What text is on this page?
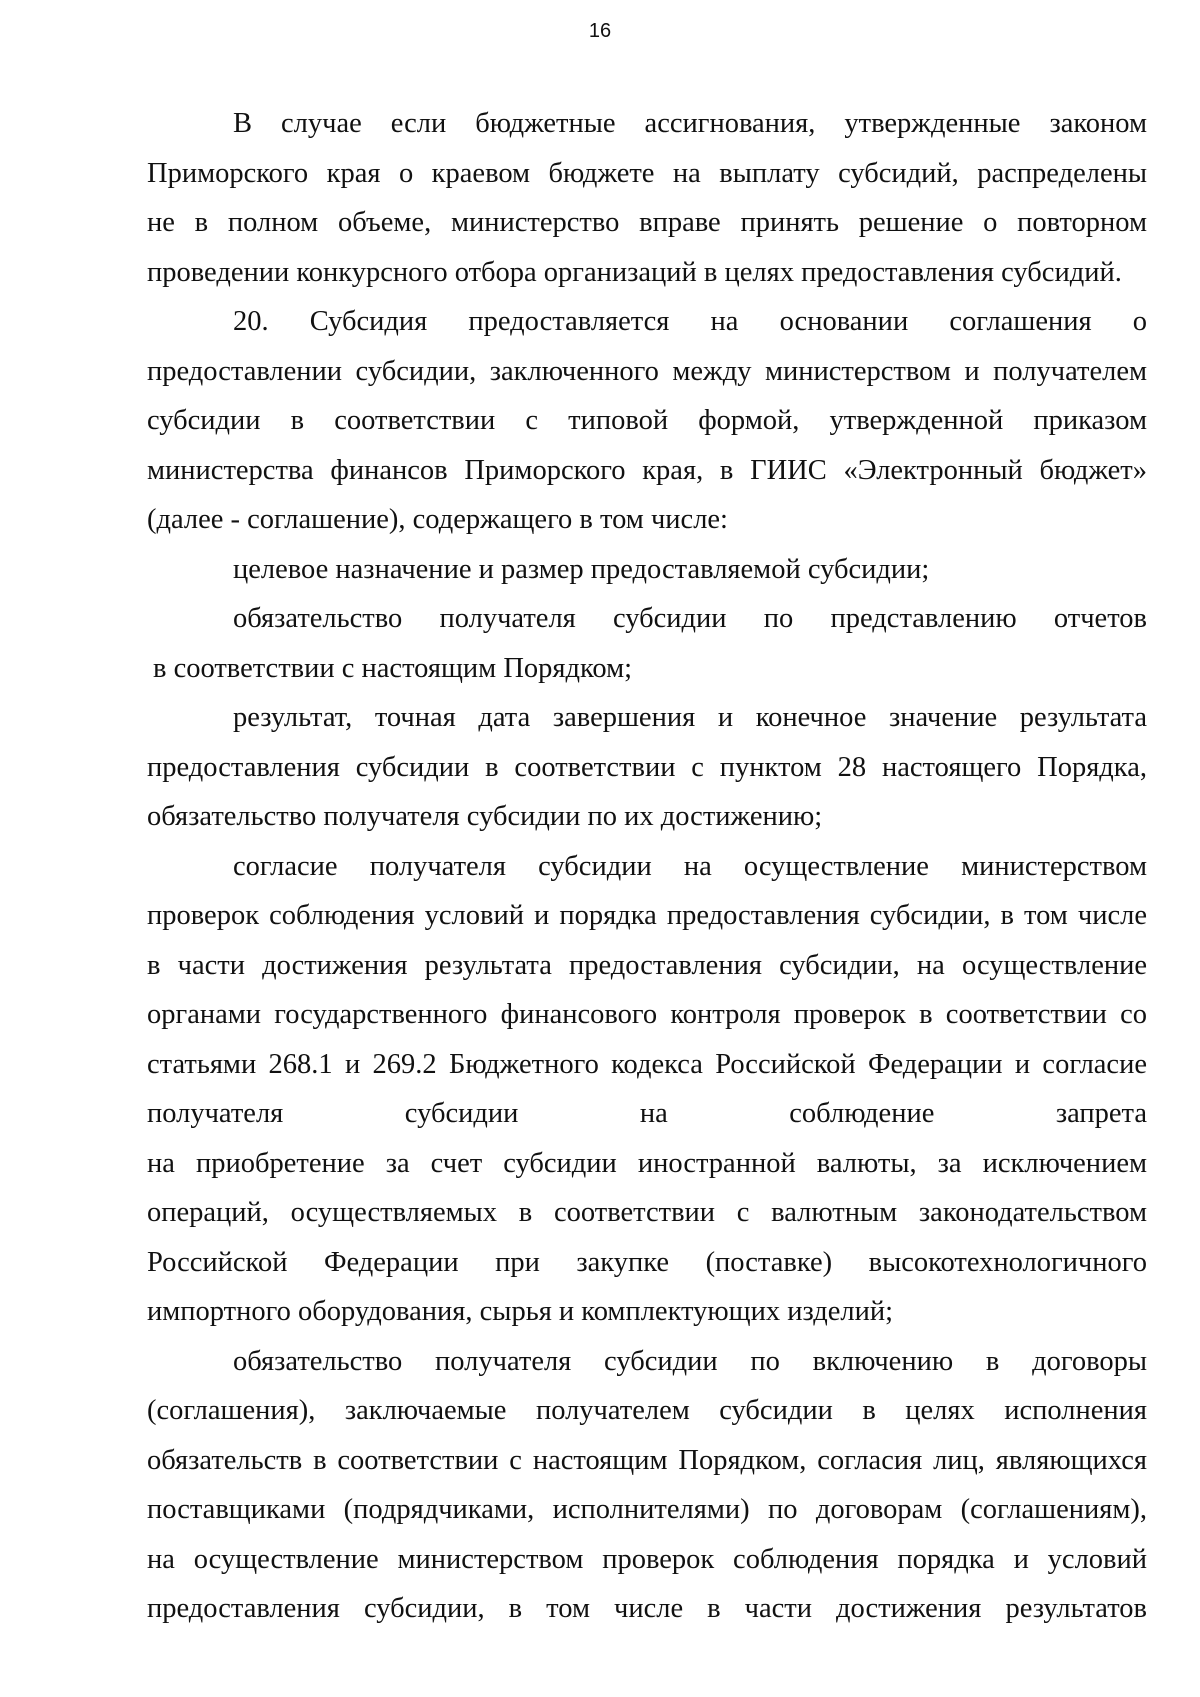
16
В случае если бюджетные ассигнования, утвержденные законом
Приморского края о краевом бюджете на выплату субсидий, распределены
не в полном объеме, министерство вправе принять решение о повторном
проведении конкурсного отбора организаций в целях предоставления субсидий.
20. Субсидия предоставляется на основании соглашения о
предоставлении субсидии, заключенного между министерством и получателем
субсидии в соответствии с типовой формой, утвержденной приказом
министерства финансов Приморского края, в ГИИС «Электронный бюджет»
(далее - соглашение), содержащего в том числе:
целевое назначение и размер предоставляемой субсидии;
обязательство получателя субсидии по представлению отчетов
в соответствии с настоящим Порядком;
результат, точная дата завершения и конечное значение результата
предоставления субсидии в соответствии с пунктом 28 настоящего Порядка,
обязательство получателя субсидии по их достижению;
согласие получателя субсидии на осуществление министерством
проверок соблюдения условий и порядка предоставления субсидии, в том числе
в части достижения результата предоставления субсидии, на осуществление
органами государственного финансового контроля проверок в соответствии со
статьями 268.1 и 269.2 Бюджетного кодекса Российской Федерации и согласие
получателя субсидии на соблюдение запрета
на приобретение за счет субсидии иностранной валюты, за исключением
операций, осуществляемых в соответствии с валютным законодательством
Российской Федерации при закупке (поставке) высокотехнологичного
импортного оборудования, сырья и комплектующих изделий;
обязательство получателя субсидии по включению в договоры
(соглашения), заключаемые получателем субсидии в целях исполнения
обязательств в соответствии с настоящим Порядком, согласия лиц, являющихся
поставщиками (подрядчиками, исполнителями) по договорам (соглашениям),
на осуществление министерством проверок соблюдения порядка и условий
предоставления субсидии, в том числе в части достижения результатов
